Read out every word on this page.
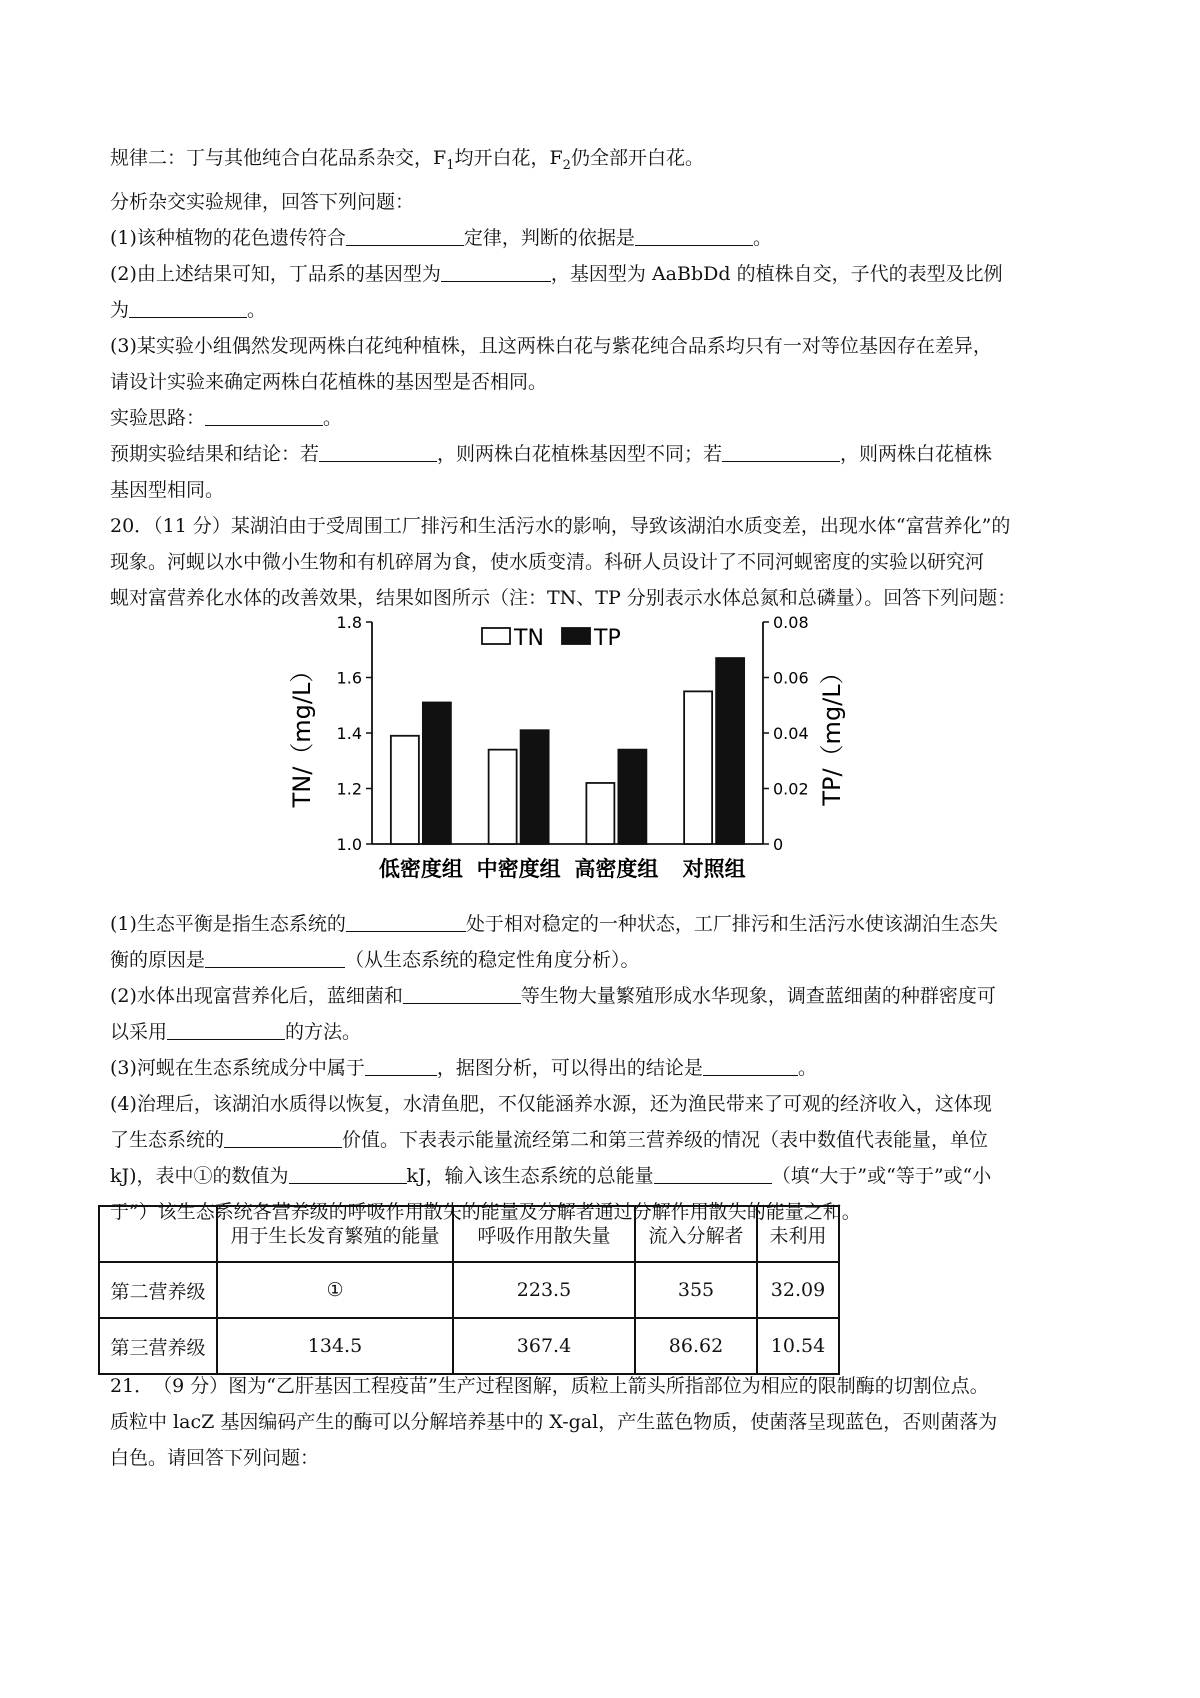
规律二：丁与其他纯合白花品系杂交，$F_1$均开白花，$F_2$仍全部开白花。
分析杂交实验规律，回答下列问题：
(1)该种植物的花色遗传符合	定律，判断的依据是	。
(2)由上述结果可知，丁品系的基因型为	，基因型为 AaBbDd 的植株自交，子代的表型及比例
为	。
(3)某实验小组偶然发现两株白花纯种植株，且这两株白花与紫花纯合品系均只有一对等位基因存在差异，
请设计实验来确定两株白花植株的基因型是否相同。
实验思路：	。
预期实验结果和结论：若	，则两株白花植株基因型不同；若	，则两株白花植株
基因型相同。
20．（11 分）某湖泊由于受周围工厂排污和生活污水的影响，导致该湖泊水质变差，出现水体“富营养化”的
现象。河蚬以水中微小生物和有机碎屑为食，使水质变清。科研人员设计了不同河蚬密度的实验以研究河
蚬对富营养化水体的改善效果，结果如图所示（注：TN、TP 分别表示水体总氮和总磷量）。回答下列问题：
1.0
1.2
1.4
1.6
1.8
0
0.02
0.04
0.06
0.08
TN/（mg/L）	TP/（mg/L）
低密度组 中密度组 高密度组 对照组
TN TP
(1)生态平衡是指生态系统的	处于相对稳定的一种状态，工厂排污和生活污水使该湖泊生态失
衡的原因是	（从生态系统的稳定性角度分析）。
(2)水体出现富营养化后，蓝细菌和	等生物大量繁殖形成水华现象，调查蓝细菌的种群密度可
以采用	的方法。
(3)河蚬在生态系统成分中属于	，据图分析，可以得出的结论是	。
(4)治理后，该湖泊水质得以恢复，水清鱼肥，不仅能涵养水源，还为渔民带来了可观的经济收入，这体现
了生态系统的	价值。下表表示能量流经第二和第三营养级的情况（表中数值代表能量，单位
kJ)，表中①的数值为	kJ，输入该生态系统的总能量	（填“大于”或“等于”或“小
于”）该生态系统各营养级的呼吸作用散失的能量及分解者通过分解作用散失的能量之和。
	用于生长发育繁殖的能量	呼吸作用散失量	流入分解者	未利用
第二营养级	①	223.5	355	32.09
第三营养级	134.5	367.4	86.62	10.54
21．　（9 分）图为“乙肝基因工程疫苗”生产过程图解，质粒上箭头所指部位为相应的限制酶的切割位点。
质粒中 lacZ 基因编码产生的酶可以分解培养基中的 X-gal，产生蓝色物质，使菌落呈现蓝色，否则菌落为
白色。请回答下列问题：
